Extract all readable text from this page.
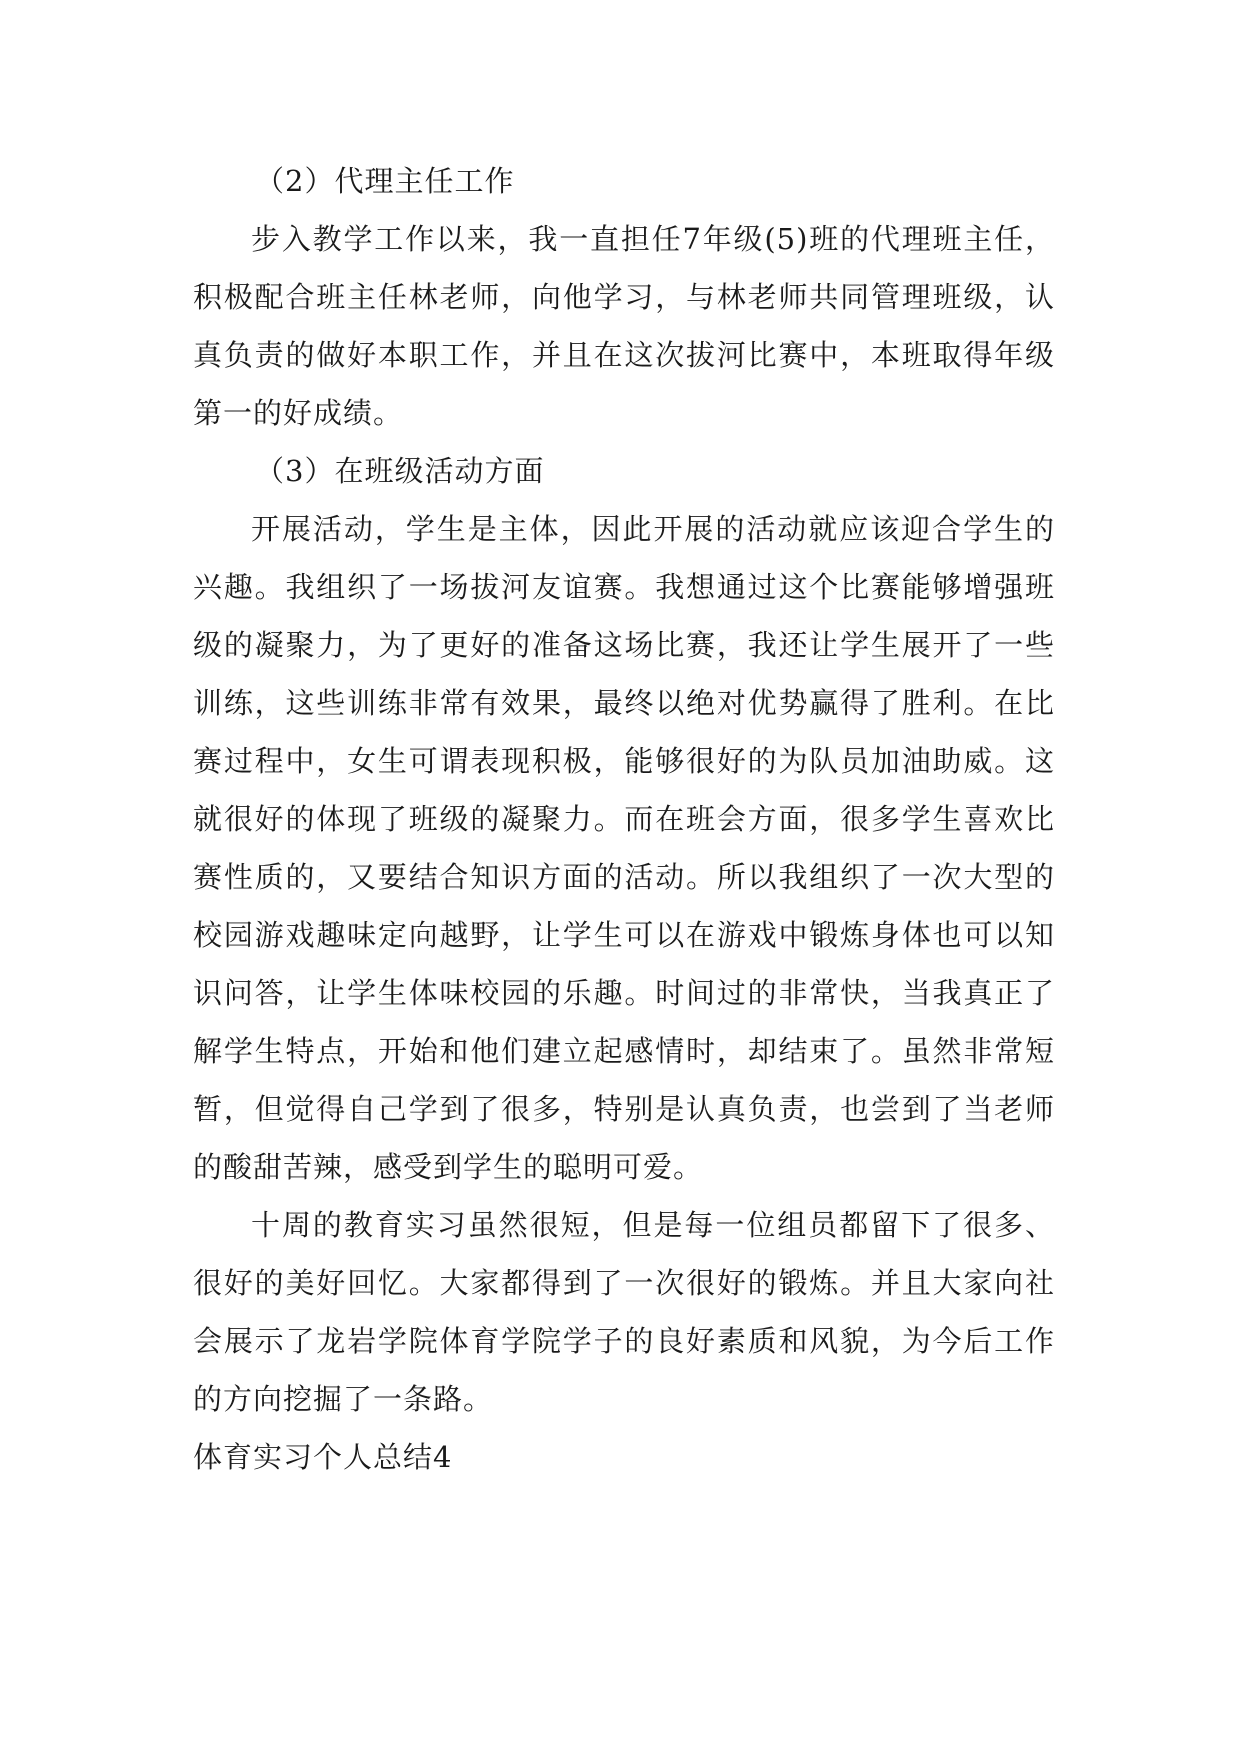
（2）代理主任工作

步入教学工作以来，我一直担任7年级(5)班的代理班主任，积极配合班主任林老师，向他学习，与林老师共同管理班级，认真负责的做好本职工作，并且在这次拔河比赛中，本班取得年级第一的好成绩。

（3）在班级活动方面

开展活动，学生是主体，因此开展的活动就应该迎合学生的兴趣。我组织了一场拔河友谊赛。我想通过这个比赛能够增强班级的凝聚力，为了更好的准备这场比赛，我还让学生展开了一些训练，这些训练非常有效果，最终以绝对优势赢得了胜利。在比赛过程中，女生可谓表现积极，能够很好的为队员加油助威。这就很好的体现了班级的凝聚力。而在班会方面，很多学生喜欢比赛性质的，又要结合知识方面的活动。所以我组织了一次大型的校园游戏趣味定向越野，让学生可以在游戏中锻炼身体也可以知识问答，让学生体味校园的乐趣。时间过的非常快，当我真正了解学生特点，开始和他们建立起感情时，却结束了。虽然非常短暂，但觉得自己学到了很多，特别是认真负责，也尝到了当老师的酸甜苦辣，感受到学生的聪明可爱。

十周的教育实习虽然很短，但是每一位组员都留下了很多、很好的美好回忆。大家都得到了一次很好的锻炼。并且大家向社会展示了龙岩学院体育学院学子的良好素质和风貌，为今后工作的方向挖掘了一条路。

体育实习个人总结4
